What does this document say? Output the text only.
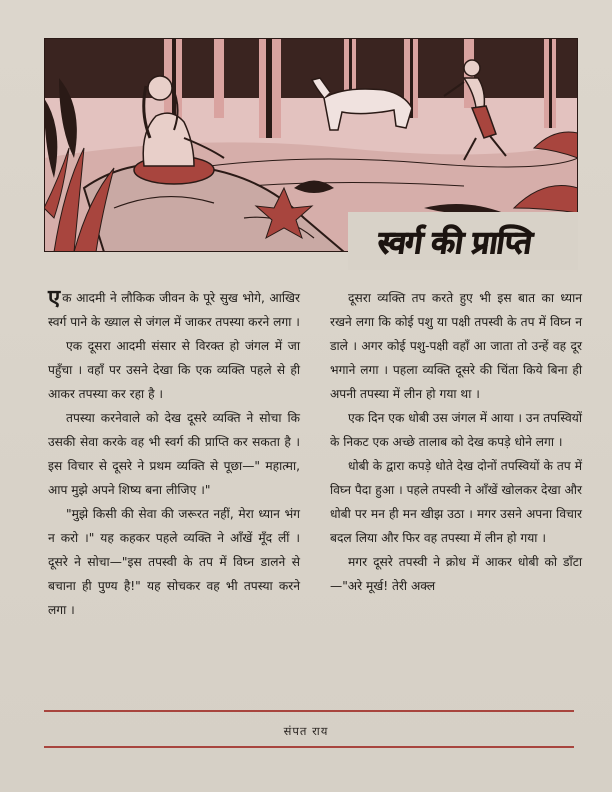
स्वर्ग की प्राप्ति

एक आदमी ने लौकिक जीवन के पूरे सुख भोगे, आखिर स्वर्ग पाने के ख्याल से जंगल में जाकर तपस्या करने लगा ।

एक दूसरा आदमी संसार से विरक्त हो जंगल में जा पहुँचा । वहाँ पर उसने देखा कि एक व्यक्ति पहले से ही आकर तपस्या कर रहा है ।

तपस्या करनेवाले को देख दूसरे व्यक्ति ने सोचा कि उसकी सेवा करके वह भी स्वर्ग की प्राप्ति कर सकता है । इस विचार से दूसरे ने प्रथम व्यक्ति से पूछा—" महात्मा, आप मुझे अपने शिष्य बना लीजिए ।"

"मुझे किसी की सेवा की जरूरत नहीं, मेरा ध्यान भंग न करो ।" यह कहकर पहले व्यक्ति ने आँखें मूँद लीं । दूसरे ने सोचा—"इस तपस्वी के तप में विघ्न डालने से बचाना ही पुण्य है!" यह सोचकर वह भी तपस्या करने लगा ।

दूसरा व्यक्ति तप करते हुए भी इस बात का ध्यान रखने लगा कि कोई पशु या पक्षी तपस्वी के तप में विघ्न न डाले । अगर कोई पशु-पक्षी वहाँ आ जाता तो उन्हें वह दूर भगाने लगा । पहला व्यक्ति दूसरे की चिंता किये बिना ही अपनी तपस्या में लीन हो गया था ।

एक दिन एक धोबी उस जंगल में आया । उन तपस्वियों के निकट एक अच्छे तालाब को देख कपड़े धोने लगा ।

धोबी के द्वारा कपड़े धोते देख दोनों तपस्वियों के तप में विघ्न पैदा हुआ । पहले तपस्वी ने आँखें खोलकर देखा और धोबी पर मन ही मन खीझ उठा । मगर उसने अपना विचार बदल लिया और फिर वह तपस्या में लीन हो गया ।

मगर दूसरे तपस्वी ने क्रोध में आकर धोबी को डाँटा—"अरे मूर्ख! तेरी अक्ल

संपत राय
